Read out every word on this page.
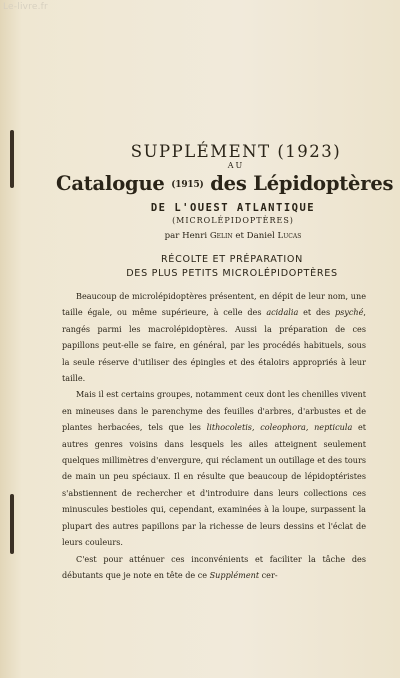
Le-livre.fr
SUPPLÉMENT (1923)
AU
Catalogue (1915) des Lépidoptères
DE L'OUEST ATLANTIQUE
(MICROLÉPIDOPTÈRES)
par Henri Gelin et Daniel Lucas
RÉCOLTE ET PRÉPARATION
DES PLUS PETITS MICROLÉPIDOPTÈRES

Beaucoup de microlépidoptères présentent, en dépit de leur nom, une taille égale, ou même supérieure, à celle des acidalia et des psyché, rangés parmi les macrolépidoptères. Aussi la préparation de ces papillons peut-elle se faire, en général, par les procédés habituels, sous la seule réserve d'utiliser des épingles et des étaloirs appropriés à leur taille.

Mais il est certains groupes, notamment ceux dont les chenilles vivent en mineuses dans le parenchyme des feuilles d'arbres, d'arbustes et de plantes herbacées, tels que les lithocoletis, coleophora, nepticula et autres genres voisins dans lesquels les ailes atteignent seulement quelques millimètres d'envergure, qui réclament un outillage et des tours de main un peu spéciaux. Il en résulte que beaucoup de lépidoptéristes s'abstiennent de rechercher et d'introduire dans leurs collections ces minuscules bestioles qui, cependant, examinées à la loupe, surpassent la plupart des autres papillons par la richesse de leurs dessins et l'éclat de leurs couleurs.

C'est pour atténuer ces inconvénients et faciliter la tâche des débutants que je note en tête de ce Supplément cer-
